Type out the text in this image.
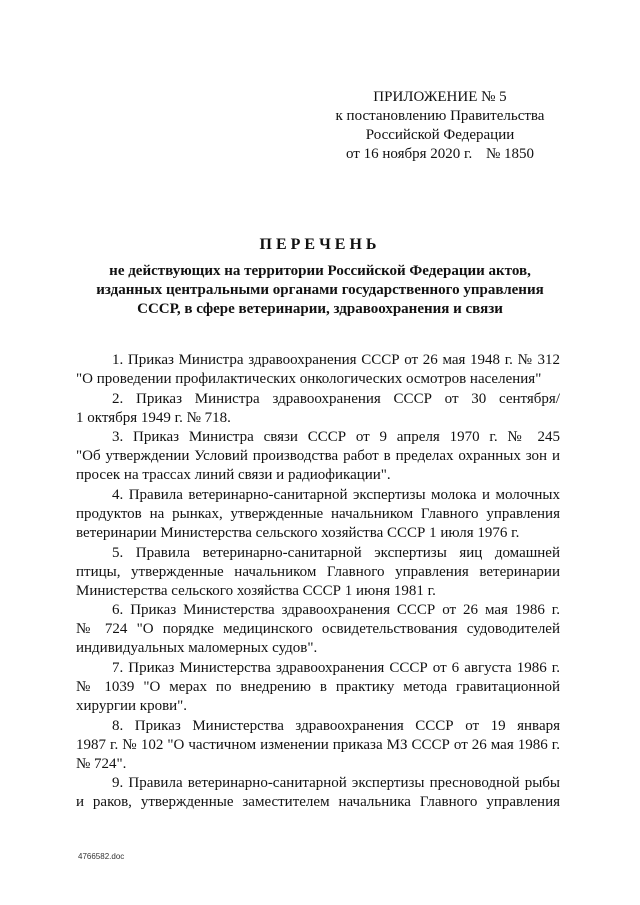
ПРИЛОЖЕНИЕ № 5
к постановлению Правительства
Российской Федерации
от 16 ноября 2020 г. № 1850
ПЕРЕЧЕНЬ
не действующих на территории Российской Федерации актов,
изданных центральными органами государственного управления
СССР, в сфере ветеринарии, здравоохранения и связи
1. Приказ Министра здравоохранения СССР от 26 мая 1948 г. № 312
"О проведении профилактических онкологических осмотров населения"
2. Приказ Министра здравоохранения СССР от 30 сентября/
1 октября 1949 г. № 718.
3. Приказ Министра связи СССР от 9 апреля 1970 г. № 245
"Об утверждении Условий производства работ в пределах охранных зон и
просек на трассах линий связи и радиофикации".
4. Правила ветеринарно-санитарной экспертизы молока и молочных
продуктов на рынках, утвержденные начальником Главного управления
ветеринарии Министерства сельского хозяйства СССР 1 июля 1976 г.
5. Правила ветеринарно-санитарной экспертизы яиц домашней
птицы, утвержденные начальником Главного управления ветеринарии
Министерства сельского хозяйства СССР 1 июня 1981 г.
6. Приказ Министерства здравоохранения СССР от 26 мая 1986 г.
№ 724 "О порядке медицинского освидетельствования судоводителей
индивидуальных маломерных судов".
7. Приказ Министерства здравоохранения СССР от 6 августа 1986 г.
№ 1039 "О мерах по внедрению в практику метода гравитационной
хирургии крови".
8. Приказ Министерства здравоохранения СССР от 19 января
1987 г. № 102 "О частичном изменении приказа МЗ СССР от 26 мая 1986 г.
№ 724".
9. Правила ветеринарно-санитарной экспертизы пресноводной рыбы
и раков, утвержденные заместителем начальника Главного управления
4766582.doc
